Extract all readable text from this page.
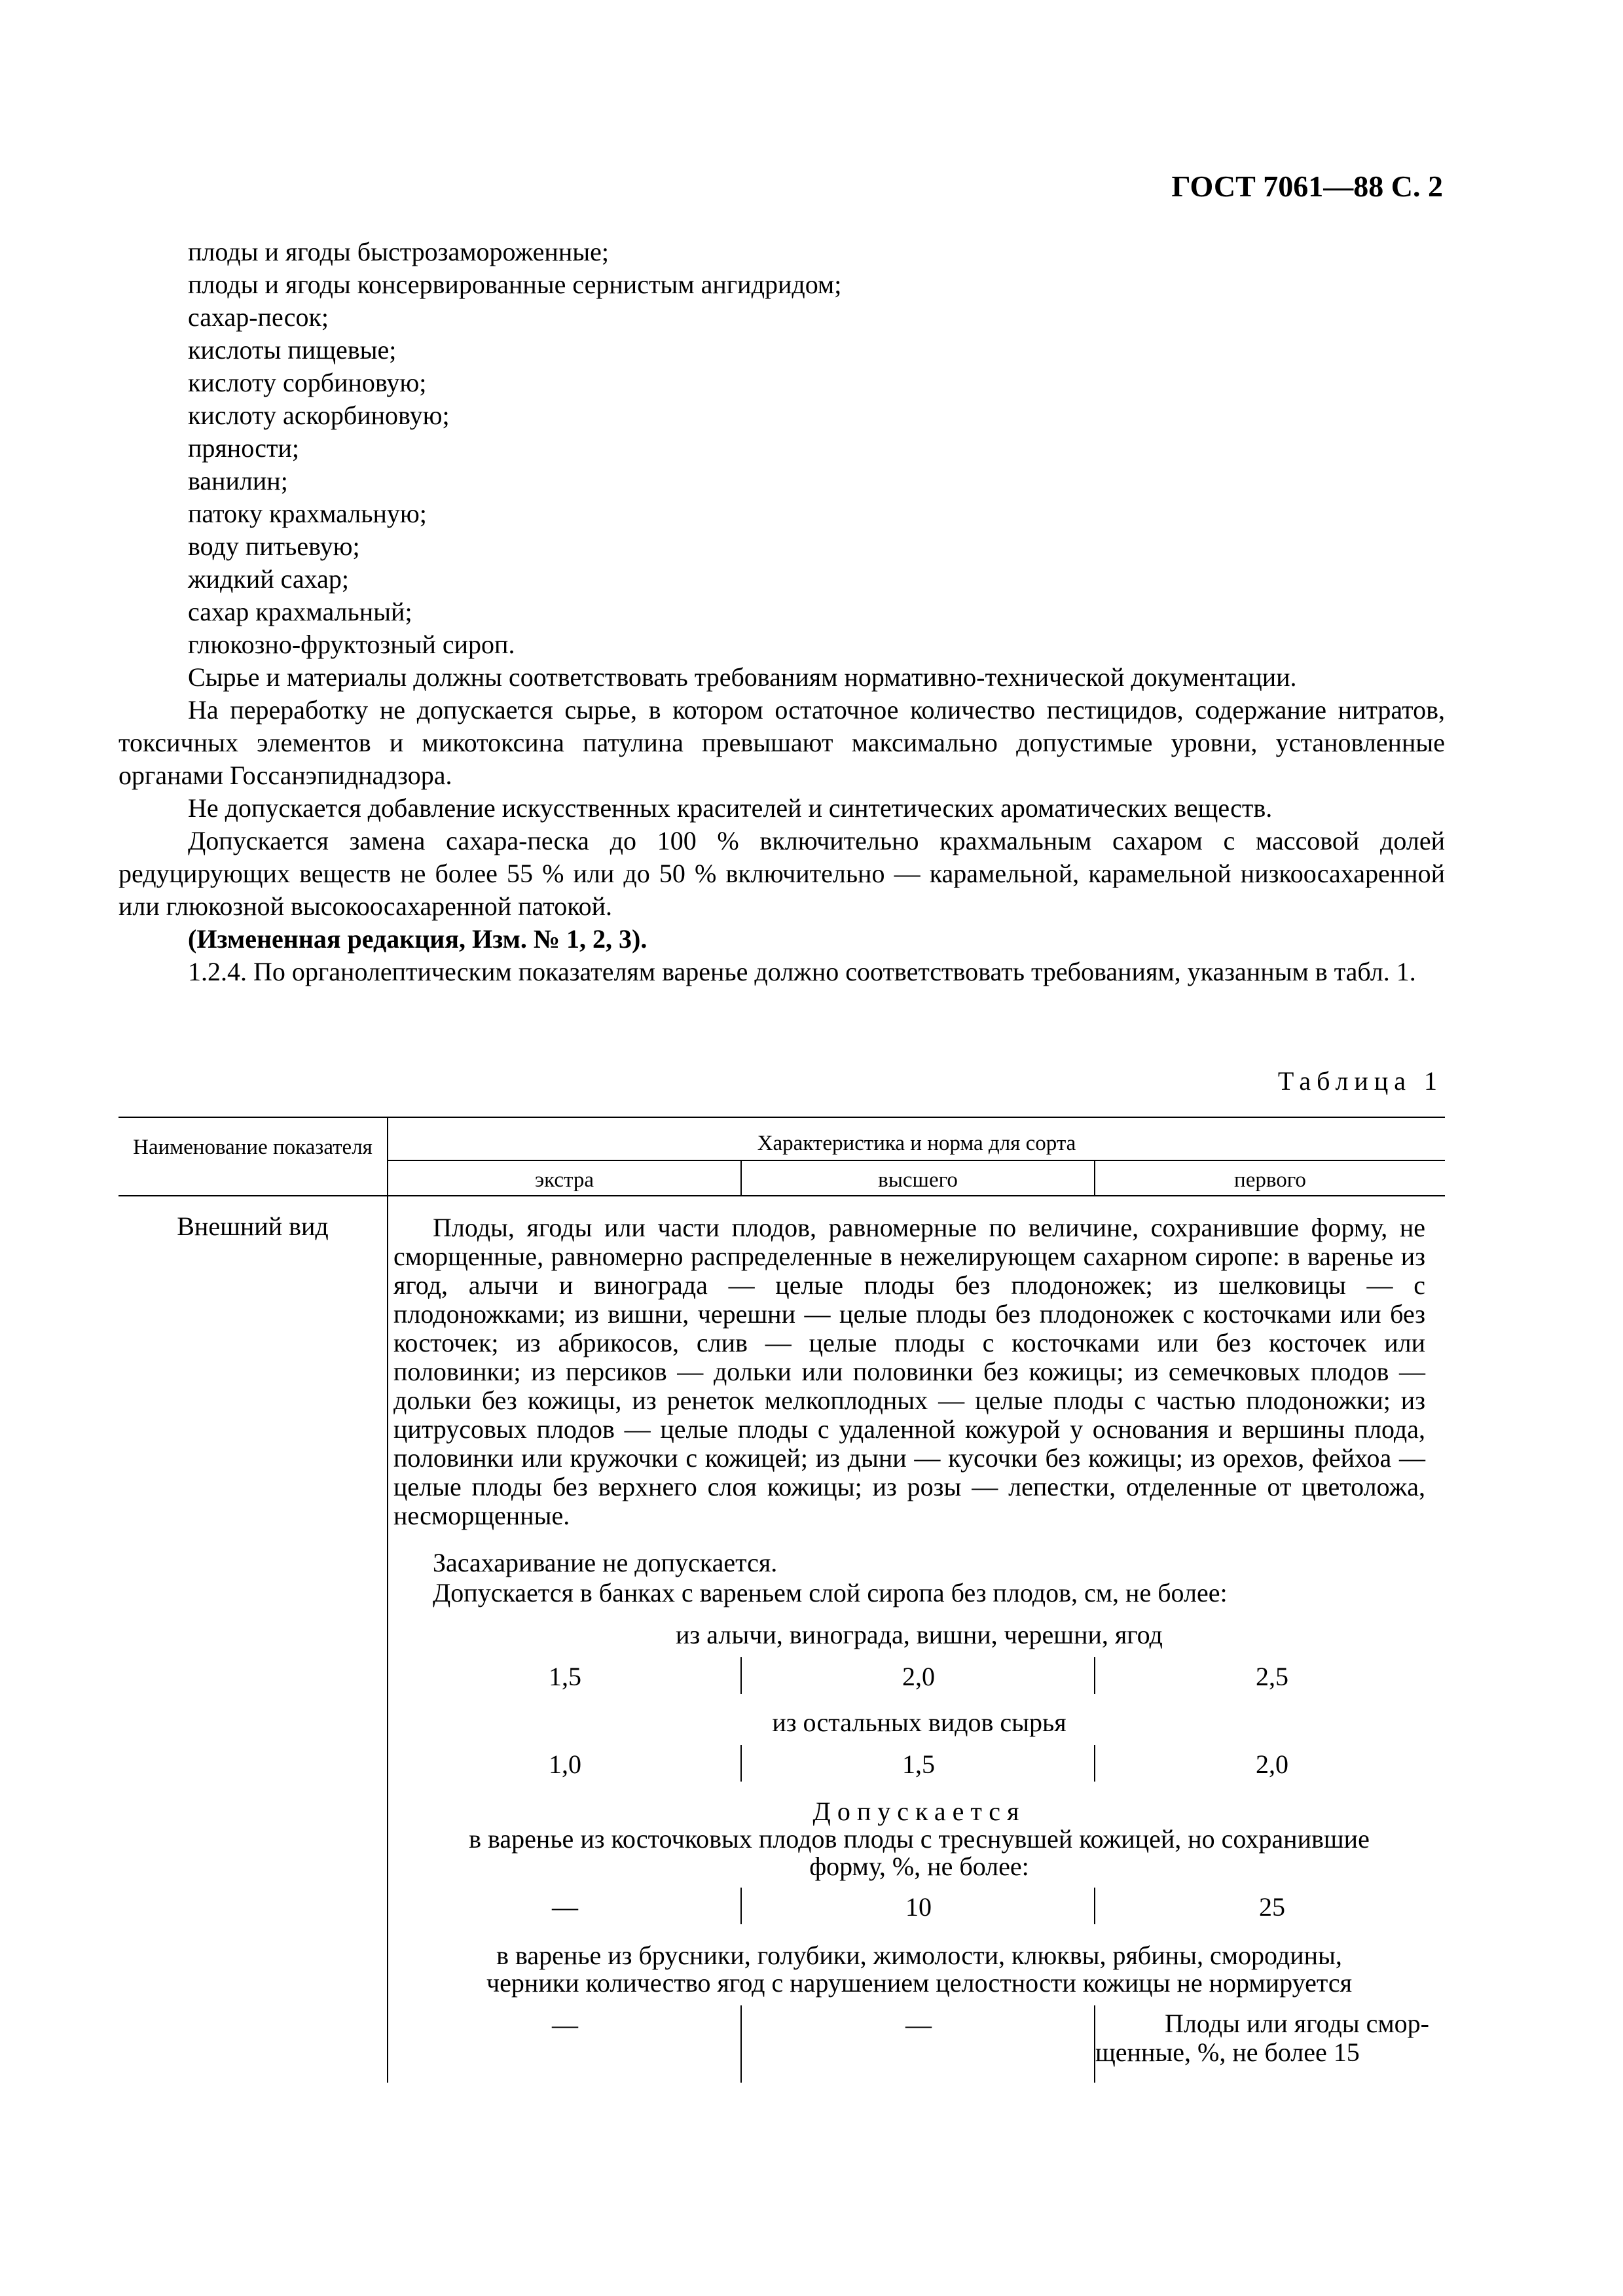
ГОСТ 7061—88 С. 2
плоды и ягоды быстрозамороженные;
плоды и ягоды консервированные сернистым ангидридом;
сахар-песок;
кислоты пищевые;
кислоту сорбиновую;
кислоту аскорбиновую;
пряности;
ванилин;
патоку крахмальную;
воду питьевую;
жидкий сахар;
сахар крахмальный;
глюкозно-фруктозный сироп.
Сырье и материалы должны соответствовать требованиям нормативно-технической документации.
На переработку не допускается сырье, в котором остаточное количество пестицидов, содержание нитратов, токсичных элементов и микотоксина патулина превышают максимально допустимые уровни, установленные органами Госсанэпиднадзора.
Не допускается добавление искусственных красителей и синтетических ароматических веществ.
Допускается замена сахара-песка до 100 % включительно крахмальным сахаром с массовой долей редуцирующих веществ не более 55 % или до 50 % включительно — карамельной, карамельной низкоосахаренной или глюкозной высокоосахаренной патокой.
(Измененная редакция, Изм. № 1, 2, 3).
1.2.4. По органолептическим показателям варенье должно соответствовать требованиям, указанным в табл. 1.
Таблица 1
Наименование показателя	Характеристика и норма для сорта
экстра	высшего	первого
Внешний вид	Плоды, ягоды или части плодов, равномерные по величине, сохранившие форму, не сморщенные, равномерно распределенные в нежелирующем сахарном сиропе: в варенье из ягод, алычи и винограда — целые плоды без плодоножек; из шелковицы — с плодоножками; из вишни, черешни — целые плоды без плодоножек с косточками или без косточек; из абрикосов, слив — целые плоды с косточками или без косточек или половинки; из персиков — дольки или половинки без кожицы; из семечковых плодов — дольки без кожицы, из ренеток мелкоплодных — целые плоды с частью плодоножки; из цитрусовых плодов — целые плоды с удаленной кожурой у основания и вершины плода, половинки или кружочки с кожицей; из дыни — кусочки без кожицы; из орехов, фейхоа — целые плоды без верхнего слоя кожицы; из розы — лепестки, отделенные от цветоложа, несморщенные.
Засахаривание не допускается.
Допускается в банках с вареньем слой сиропа без плодов, см, не более:
из алычи, винограда, вишни, черешни, ягод
1,5	2,0	2,5
из остальных видов сырья
1,0	1,5	2,0
Допускается
в варенье из косточковых плодов плоды с треснувшей кожицей, но сохранившие
форму, %, не более:
—	10	25
в варенье из брусники, голубики, жимолости, клюквы, рябины, смородины,
черники количество ягод с нарушением целостности кожицы не нормируется
—	—	Плоды или ягоды смор-
щенные, %, не более 15
